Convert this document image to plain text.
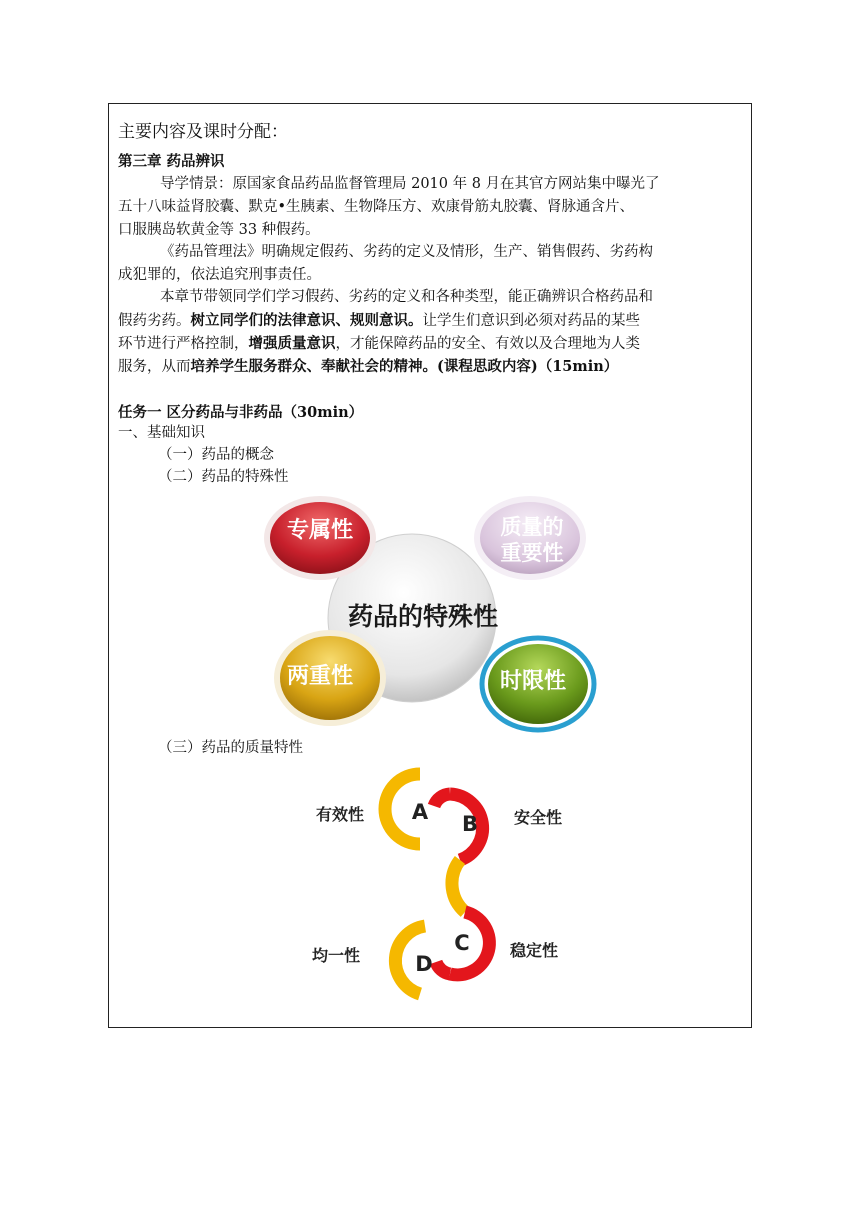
主要内容及课时分配：
第三章 药品辨识
导学情景：原国家食品药品监督管理局 2010 年 8 月在其官方网站集中曝光了
五十八味益肾胶囊、默克•生胰素、生物降压方、欢康骨筋丸胶囊、肾脉通含片、
口服胰岛软黄金等 33 种假药。
《药品管理法》明确规定假药、劣药的定义及情形，生产、销售假药、劣药构
成犯罪的，依法追究刑事责任。
本章节带领同学们学习假药、劣药的定义和各种类型，能正确辨识合格药品和
假药劣药。树立同学们的法律意识、规则意识。让学生们意识到必须对药品的某些
环节进行严格控制，增强质量意识，才能保障药品的安全、有效以及合理地为人类
服务，从而培养学生服务群众、奉献社会的精神。(课程思政内容)（15min）
任务一 区分药品与非药品（30min）
一、基础知识
（一）药品的概念
（二）药品的特殊性
药品的特殊性
专属性	质量的
重要性
两重性	时限性
（三）药品的质量特性
A B
C
D
有效性	安全性
稳定性
均一性
